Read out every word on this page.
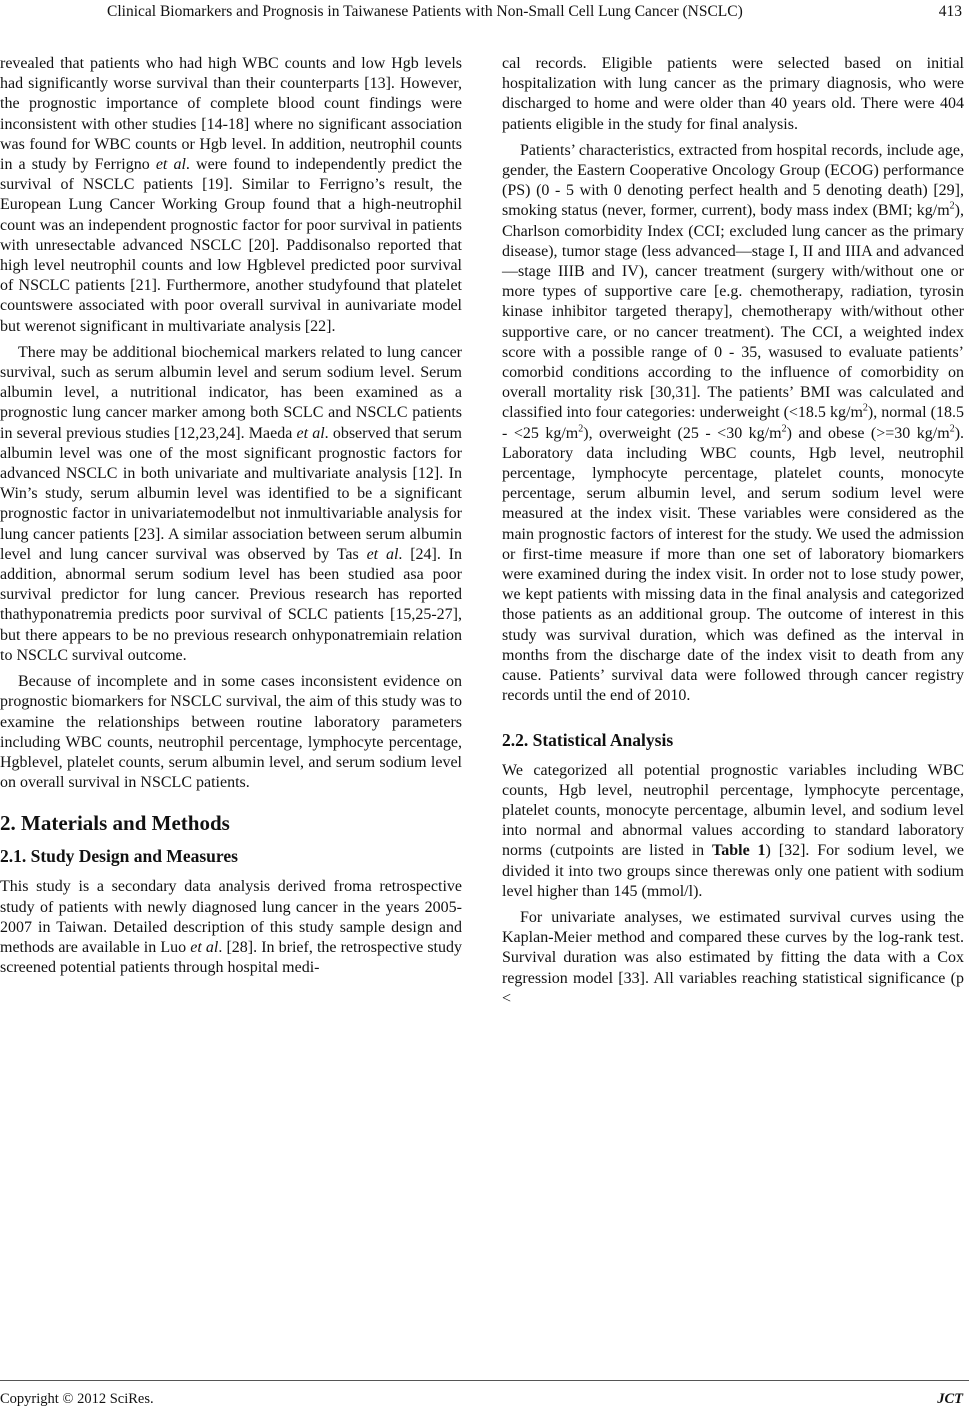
Clinical Biomarkers and Prognosis in Taiwanese Patients with Non-Small Cell Lung Cancer (NSCLC)	413

revealed that patients who had high WBC counts and low Hgb levels had significantly worse survival than their counterparts [13]. However, the prognostic importance of complete blood count findings were inconsistent with other studies [14-18] where no significant association was found for WBC counts or Hgb level. In addition, neutrophil counts in a study by Ferrigno et al. were found to independently predict the survival of NSCLC patients [19]. Similar to Ferrigno’s result, the European Lung Cancer Working Group found that a high-neutrophil count was an independent prognostic factor for poor survival in patients with unresectable advanced NSCLC [20]. Paddisonalso reported that high level neutrophil counts and low Hgblevel predicted poor survival of NSCLC patients [21]. Furthermore, another studyfound that platelet countswere associated with poor overall survival in aunivariate model but werenot significant in multivariate analysis [22].

There may be additional biochemical markers related to lung cancer survival, such as serum albumin level and serum sodium level. Serum albumin level, a nutritional indicator, has been examined as a prognostic lung cancer marker among both SCLC and NSCLC patients in several previous studies [12,23,24]. Maeda et al. observed that serum albumin level was one of the most significant prognostic factors for advanced NSCLC in both univariate and multivariate analysis [12]. In Win’s study, serum albumin level was identified to be a significant prognostic factor in univariatemodelbut not inmultivariable analysis for lung cancer patients [23]. A similar association between serum albumin level and lung cancer survival was observed by Tas et al. [24]. In addition, abnormal serum sodium level has been studied asa poor survival predictor for lung cancer. Previous research has reported thathyponatremia predicts poor survival of SCLC patients [15,25-27], but there appears to be no previous research onhyponatremiain relation to NSCLC survival outcome.

Because of incomplete and in some cases inconsistent evidence on prognostic biomarkers for NSCLC survival, the aim of this study was to examine the relationships between routine laboratory parameters including WBC counts, neutrophil percentage, lymphocyte percentage, Hgblevel, platelet counts, serum albumin level, and serum sodium level on overall survival in NSCLC patients.

2. Materials and Methods
2.1. Study Design and Measures

This study is a secondary data analysis derived froma retrospective study of patients with newly diagnosed lung cancer in the years 2005-2007 in Taiwan. Detailed description of this study sample design and methods are available in Luo et al. [28]. In brief, the retrospective study screened potential patients through hospital medi-

cal records. Eligible patients were selected based on initial hospitalization with lung cancer as the primary diagnosis, who were discharged to home and were older than 40 years old. There were 404 patients eligible in the study for final analysis.

Patients’ characteristics, extracted from hospital records, include age, gender, the Eastern Cooperative Oncology Group (ECOG) performance (PS) (0 - 5 with 0 denoting perfect health and 5 denoting death) [29], smoking status (never, former, current), body mass index (BMI; $kg/m^2$), Charlson comorbidity Index (CCI; excluded lung cancer as the primary disease), tumor stage (less advanced—stage I, II and IIIA and advanced—stage IIIB and IV), cancer treatment (surgery with/without one or more types of supportive care [e.g. chemotherapy, radiation, tyrosin kinase inhibitor targeted therapy], chemotherapy with/without other supportive care, or no cancer treatment). The CCI, a weighted index score with a possible range of 0 - 35, wasused to evaluate patients’ comorbid conditions according to the influence of comorbidity on overall mortality risk [30,31]. The patients’ BMI was calculated and classified into four categories: underweight (<18.5 $kg/m^2$), normal (18.5 - <25 $kg/m^2$), overweight (25 - <30 $kg/m^2$) and obese (>=30 $kg/m^2$). Laboratory data including WBC counts, Hgb level, neutrophil percentage, lymphocyte percentage, platelet counts, monocyte percentage, serum albumin level, and serum sodium level were measured at the index visit. These variables were considered as the main prognostic factors of interest for the study. We used the admission or first-time measure if more than one set of laboratory biomarkers were examined during the index visit. In order not to lose study power, we kept patients with missing data in the final analysis and categorized those patients as an additional group. The outcome of interest in this study was survival duration, which was defined as the interval in months from the discharge date of the index visit to death from any cause. Patients’ survival data were followed through cancer registry records until the end of 2010.

2.2. Statistical Analysis

We categorized all potential prognostic variables including WBC counts, Hgb level, neutrophil percentage, lymphocyte percentage, platelet counts, monocyte percentage, albumin level, and sodium level into normal and abnormal values according to standard laboratory norms (cutpoints are listed in Table 1) [32]. For sodium level, we divided it into two groups since therewas only one patient with sodium level higher than 145 (mmol/l).

For univariate analyses, we estimated survival curves using the Kaplan-Meier method and compared these curves by the log-rank test. Survival duration was also estimated by fitting the data with a Cox regression model [33]. All variables reaching statistical significance (p <

Copyright © 2012 SciRes.	JCT
